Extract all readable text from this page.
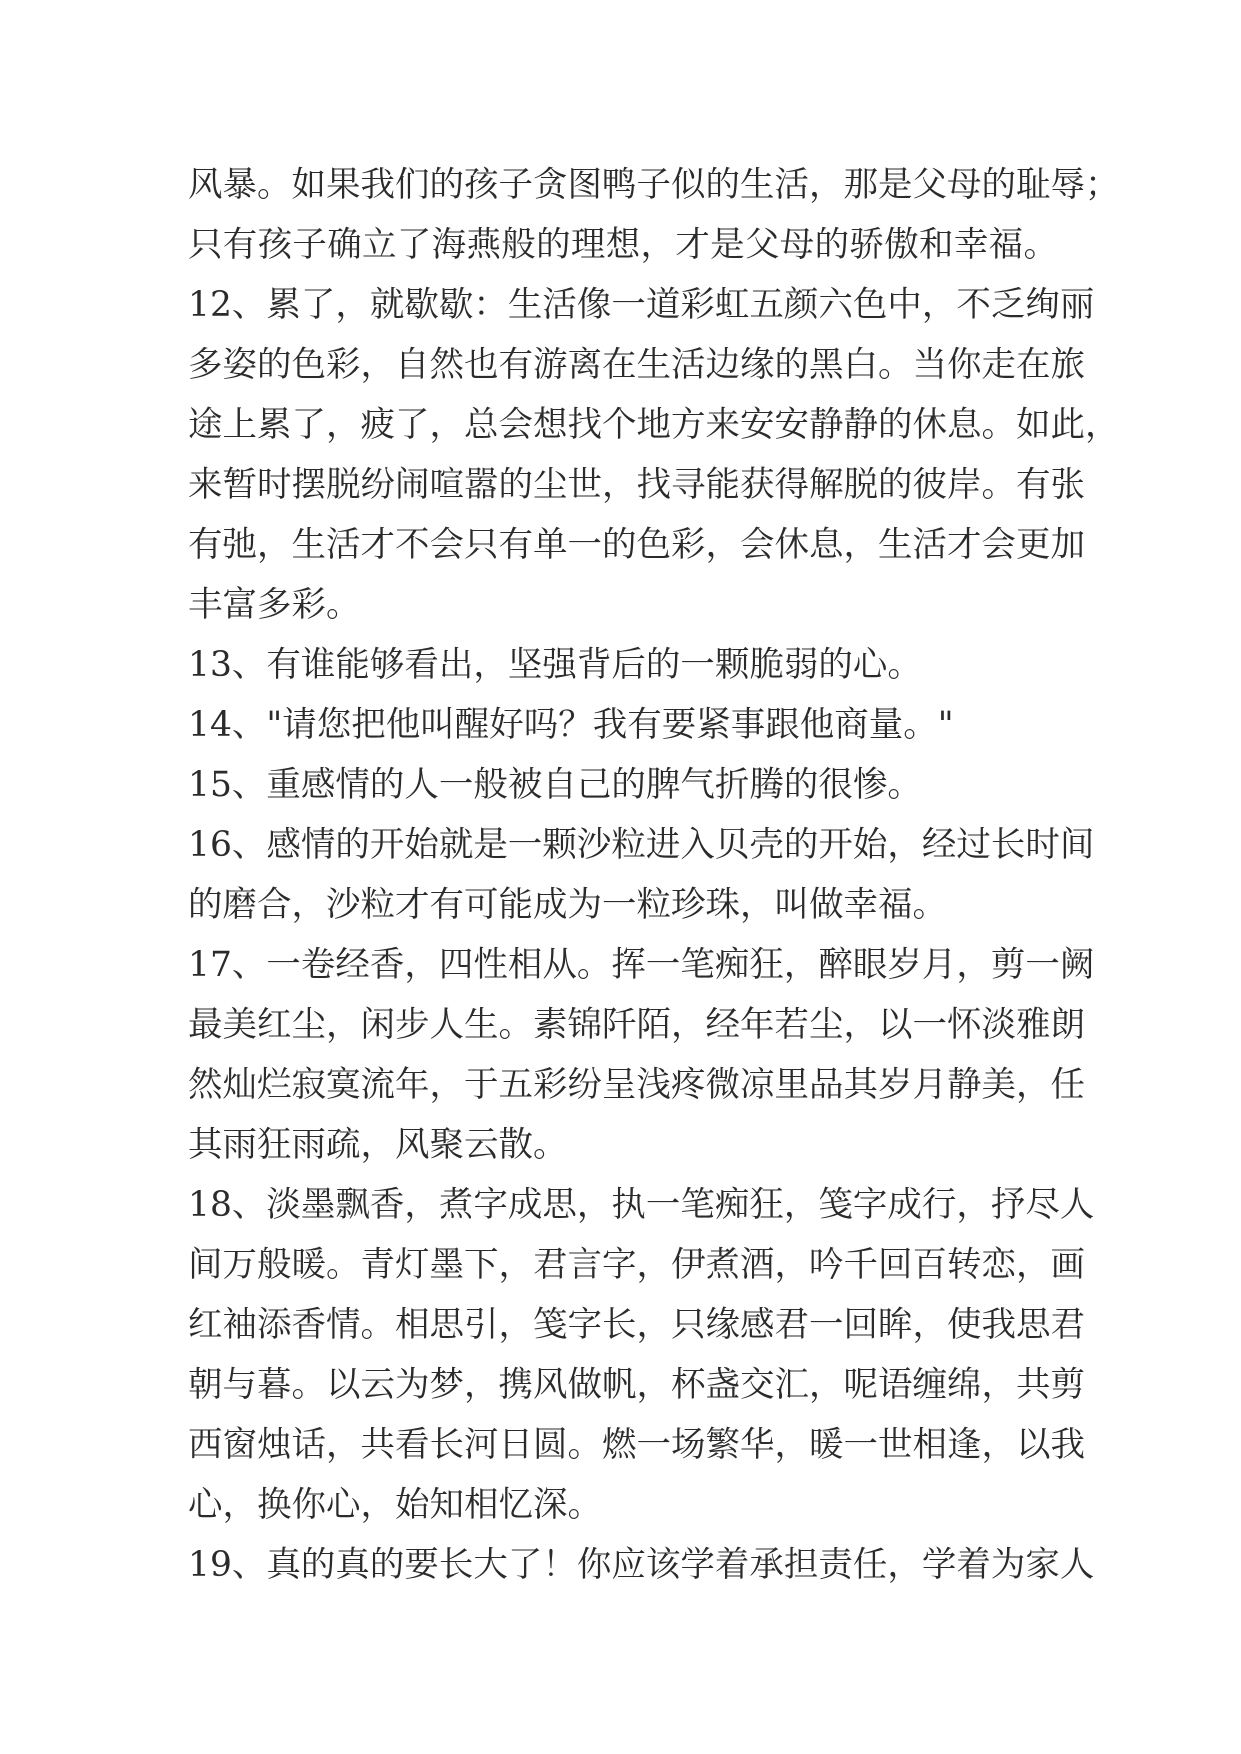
风暴。如果我们的孩子贪图鸭子似的生活，那是父母的耻辱；
只有孩子确立了海燕般的理想，才是父母的骄傲和幸福。
12、累了，就歇歇：生活像一道彩虹五颜六色中，不乏绚丽
多姿的色彩，自然也有游离在生活边缘的黑白。当你走在旅
途上累了，疲了，总会想找个地方来安安静静的休息。如此，
来暂时摆脱纷闹喧嚣的尘世，找寻能获得解脱的彼岸。有张
有弛，生活才不会只有单一的色彩，会休息，生活才会更加
丰富多彩。
13、有谁能够看出，坚强背后的一颗脆弱的心。
14、"请您把他叫醒好吗？我有要紧事跟他商量。"
15、重感情的人一般被自己的脾气折腾的很惨。
16、感情的开始就是一颗沙粒进入贝壳的开始，经过长时间
的磨合，沙粒才有可能成为一粒珍珠，叫做幸福。
17、一卷经香，四性相从。挥一笔痴狂，醉眼岁月，剪一阙
最美红尘，闲步人生。素锦阡陌，经年若尘，以一怀淡雅朗
然灿烂寂寞流年，于五彩纷呈浅疼微凉里品其岁月静美，任
其雨狂雨疏，风聚云散。
18、淡墨飘香，煮字成思，执一笔痴狂，笺字成行，抒尽人
间万般暖。青灯墨下，君言字，伊煮酒，吟千回百转恋，画
红袖添香情。相思引，笺字长，只缘感君一回眸，使我思君
朝与暮。以云为梦，携风做帆，杯盏交汇，呢语缠绵，共剪
西窗烛话，共看长河日圆。燃一场繁华，暖一世相逢，以我
心，换你心，始知相忆深。
19、真的真的要长大了！你应该学着承担责任，学着为家人
